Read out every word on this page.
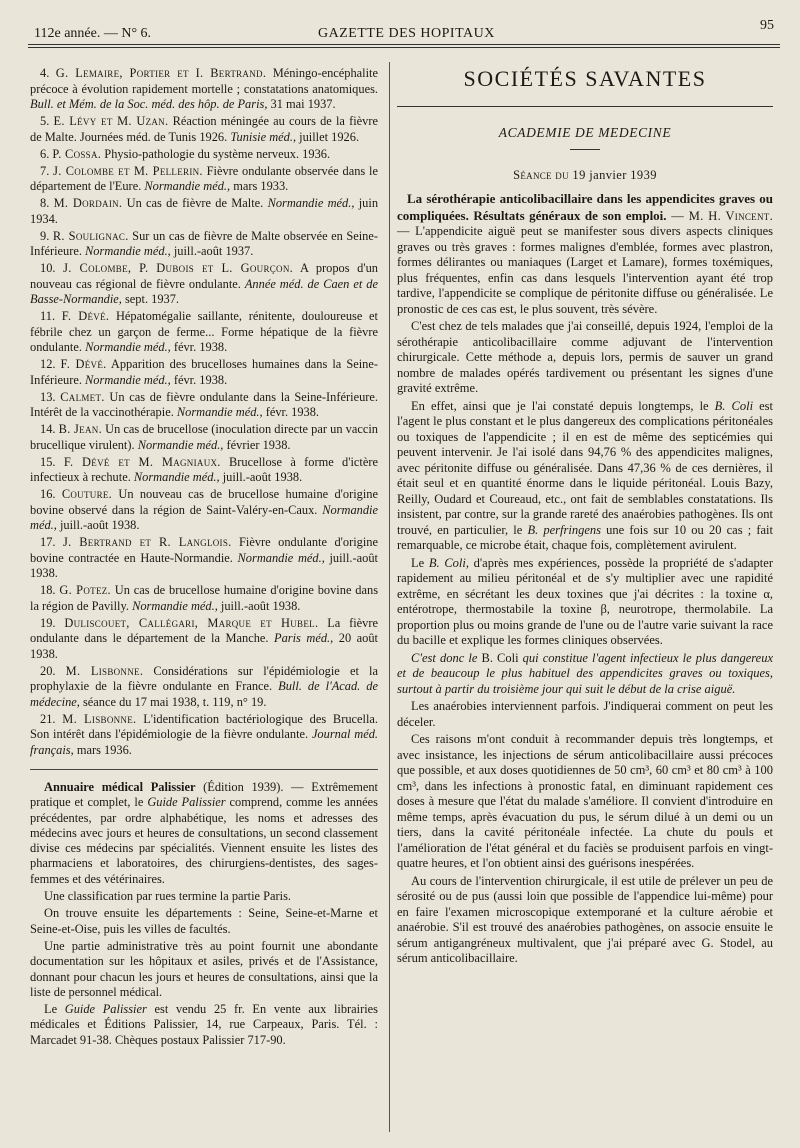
112e année. — N° 6.	GAZETTE DES HOPITAUX
95

4. G. Lemaire, Portier et I. Bertrand. Méningo-encéphalite précoce à évolution rapidement mortelle ; constatations anatomiques. Bull. et Mém. de la Soc. méd. des hôp. de Paris, 31 mai 1937.

5. E. Lévy et M. Uzan. Réaction méningée au cours de la fièvre de Malte. Journées méd. de Tunis 1926. Tunisie méd., juillet 1926.

6. P. Cossa. Physio-pathologie du système nerveux. 1936.

7. J. Colombe et M. Pellerin. Fièvre ondulante observée dans le département de l'Eure. Normandie méd., mars 1933.

8. M. Dordain. Un cas de fièvre de Malte. Normandie méd., juin 1934.

9. R. Soulignac. Sur un cas de fièvre de Malte observée en Seine-Inférieure. Normandie méd., juill.-août 1937.

10. J. Colombe, P. Dubois et L. Gourçon. A propos d'un nouveau cas régional de fièvre ondulante. Année méd. de Caen et de Basse-Normandie, sept. 1937.

11. F. Dévé. Hépatomégalie saillante, rénitente, douloureuse et fébrile chez un garçon de ferme... Forme hépatique de la fièvre ondulante. Normandie méd., févr. 1938.

12. F. Dévé. Apparition des brucelloses humaines dans la Seine-Inférieure. Normandie méd., févr. 1938.

13. Calmet. Un cas de fièvre ondulante dans la Seine-Inférieure. Intérêt de la vaccinothérapie. Normandie méd., févr. 1938.

14. B. Jean. Un cas de brucellose (inoculation directe par un vaccin brucellique virulent). Normandie méd., février 1938.

15. F. Dévé et M. Magniaux. Brucellose à forme d'ictère infectieux à rechute. Normandie méd., juill.-août 1938.

16. Couture. Un nouveau cas de brucellose humaine d'origine bovine observé dans la région de Saint-Valéry-en-Caux. Normandie méd., juill.-août 1938.

17. J. Bertrand et R. Langlois. Fièvre ondulante d'origine bovine contractée en Haute-Normandie. Normandie méd., juill.-août 1938.

18. G. Potez. Un cas de brucellose humaine d'origine bovine dans la région de Pavilly. Normandie méd., juill.-août 1938.

19. Duliscouet, Callégari, Marque et Hubel. La fièvre ondulante dans le département de la Manche. Paris méd., 20 août 1938.

20. M. Lisbonne. Considérations sur l'épidémiologie et la prophylaxie de la fièvre ondulante en France. Bull. de l'Acad. de médecine, séance du 17 mai 1938, t. 119, n° 19.

21. M. Lisbonne. L'identification bactériologique des Brucella. Son intérêt dans l'épidémiologie de la fièvre ondulante. Journal méd. français, mars 1936.

Annuaire médical Palissier (Édition 1939). — Extrêmement pratique et complet, le Guide Palissier comprend, comme les années précédentes, par ordre alphabétique, les noms et adresses des médecins avec jours et heures de consultations, un second classement divise ces médecins par spécialités. Viennent ensuite les listes des pharmaciens et laboratoires, des chirurgiens-dentistes, des sages-femmes et des vétérinaires.

Une classification par rues termine la partie Paris.

On trouve ensuite les départements : Seine, Seine-et-Marne et Seine-et-Oise, puis les villes de facultés.

Une partie administrative très au point fournit une abondante documentation sur les hôpitaux et asiles, privés et de l'Assistance, donnant pour chacun les jours et heures de consultations, ainsi que la liste de personnel médical.

Le Guide Palissier est vendu 25 fr. En vente aux librairies médicales et Éditions Palissier, 14, rue Carpeaux, Paris. Tél. : Marcadet 91-38. Chèques postaux Palissier 717-90.

SOCIÉTÉS SAVANTES
ACADEMIE DE MEDECINE
Séance du 19 janvier 1939

La sérothérapie anticolibacillaire dans les appendicites graves ou compliquées. Résultats généraux de son emploi. — M. H. Vincent. — L'appendicite aiguë peut se manifester sous divers aspects cliniques graves ou très graves : formes malignes d'emblée, formes avec plastron, formes délirantes ou maniaques (Larget et Lamare), formes toxémiques, plus fréquentes, enfin cas dans lesquels l'intervention ayant été trop tardive, l'appendicite se complique de péritonite diffuse ou généralisée. Le pronostic de ces cas est, le plus souvent, très sévère.

C'est chez de tels malades que j'ai conseillé, depuis 1924, l'emploi de la sérothérapie anticolibacillaire comme adjuvant de l'intervention chirurgicale. Cette méthode a, depuis lors, permis de sauver un grand nombre de malades opérés tardivement ou présentant les signes d'une gravité extrême.

En effet, ainsi que je l'ai constaté depuis longtemps, le B. Coli est l'agent le plus constant et le plus dangereux des complications péritonéales ou toxiques de l'appendicite ; il en est de même des septicémies qui peuvent intervenir. Je l'ai isolé dans 94,76 % des appendicites malignes, avec péritonite diffuse ou généralisée. Dans 47,36 % de ces dernières, il était seul et en quantité énorme dans le liquide péritonéal. Louis Bazy, Reilly, Oudard et Coureaud, etc., ont fait de semblables constatations. Ils insistent, par contre, sur la grande rareté des anaérobies pathogènes. Ils ont trouvé, en particulier, le B. perfringens une fois sur 10 ou 20 cas ; fait remarquable, ce microbe était, chaque fois, complètement avirulent.

Le B. Coli, d'après mes expériences, possède la propriété de s'adapter rapidement au milieu péritonéal et de s'y multiplier avec une rapidité extrême, en sécrétant les deux toxines que j'ai décrites : la toxine α, entérotrope, thermostabile la toxine β, neurotrope, thermolabile. La proportion plus ou moins grande de l'une ou de l'autre varie suivant la race du bacille et explique les formes cliniques observées.

C'est donc le B. Coli qui constitue l'agent infectieux le plus dangereux et de beaucoup le plus habituel des appendicites graves ou toxiques, surtout à partir du troisième jour qui suit le début de la crise aiguë.

Les anaérobies interviennent parfois. J'indiquerai comment on peut les déceler.

Ces raisons m'ont conduit à recommander depuis très longtemps, et avec insistance, les injections de sérum anticolibacillaire aussi précoces que possible, et aux doses quotidiennes de 50 cm³, 60 cm³ et 80 cm³ à 100 cm³, dans les infections à pronostic fatal, en diminuant rapidement ces doses à mesure que l'état du malade s'améliore. Il convient d'introduire en même temps, après évacuation du pus, le sérum dilué à un demi ou un tiers, dans la cavité péritonéale infectée. La chute du pouls et l'amélioration de l'état général et du faciès se produisent parfois en vingt-quatre heures, et l'on obtient ainsi des guérisons inespérées.

Au cours de l'intervention chirurgicale, il est utile de prélever un peu de sérosité ou de pus (aussi loin que possible de l'appendice lui-même) pour en faire l'examen microscopique extemporané et la culture aérobie et anaérobie. S'il est trouvé des anaérobies pathogènes, on associe ensuite le sérum antigangréneux multivalent, que j'ai préparé avec G. Stodel, au sérum anticolibacillaire.
